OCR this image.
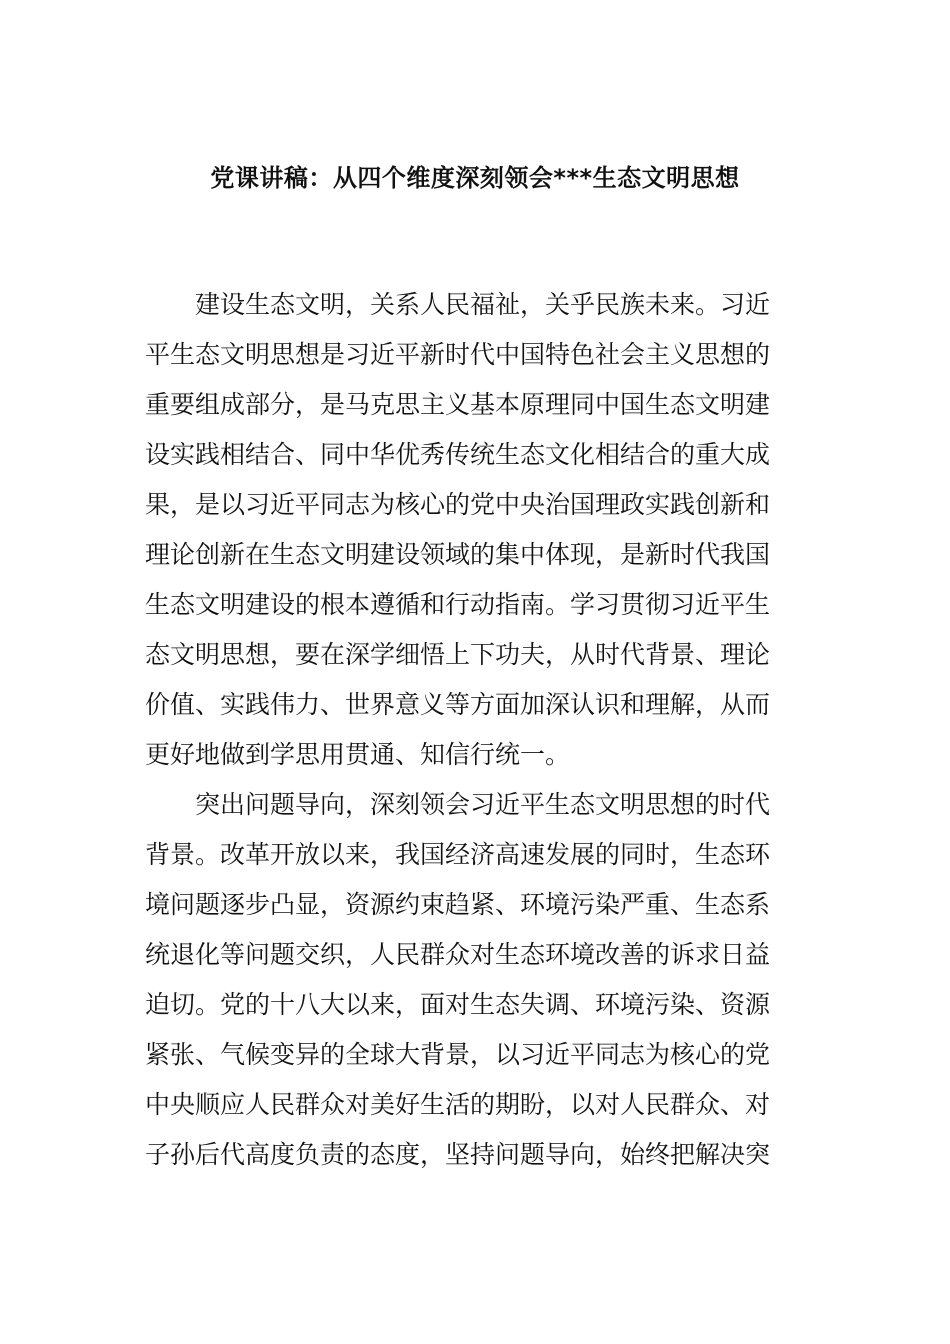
党课讲稿：从四个维度深刻领会***生态文明思想
建设生态文明，关系人民福祉，关乎民族未来。习近
平生态文明思想是习近平新时代中国特色社会主义思想的
重要组成部分，是马克思主义基本原理同中国生态文明建
设实践相结合、同中华优秀传统生态文化相结合的重大成
果，是以习近平同志为核心的党中央治国理政实践创新和
理论创新在生态文明建设领域的集中体现，是新时代我国
生态文明建设的根本遵循和行动指南。学习贯彻习近平生
态文明思想，要在深学细悟上下功夫，从时代背景、理论
价值、实践伟力、世界意义等方面加深认识和理解，从而
更好地做到学思用贯通、知信行统一。
突出问题导向，深刻领会习近平生态文明思想的时代
背景。改革开放以来，我国经济高速发展的同时，生态环
境问题逐步凸显，资源约束趋紧、环境污染严重、生态系
统退化等问题交织，人民群众对生态环境改善的诉求日益
迫切。党的十八大以来，面对生态失调、环境污染、资源
紧张、气候变异的全球大背景，以习近平同志为核心的党
中央顺应人民群众对美好生活的期盼，以对人民群众、对
子孙后代高度负责的态度，坚持问题导向，始终把解决突
